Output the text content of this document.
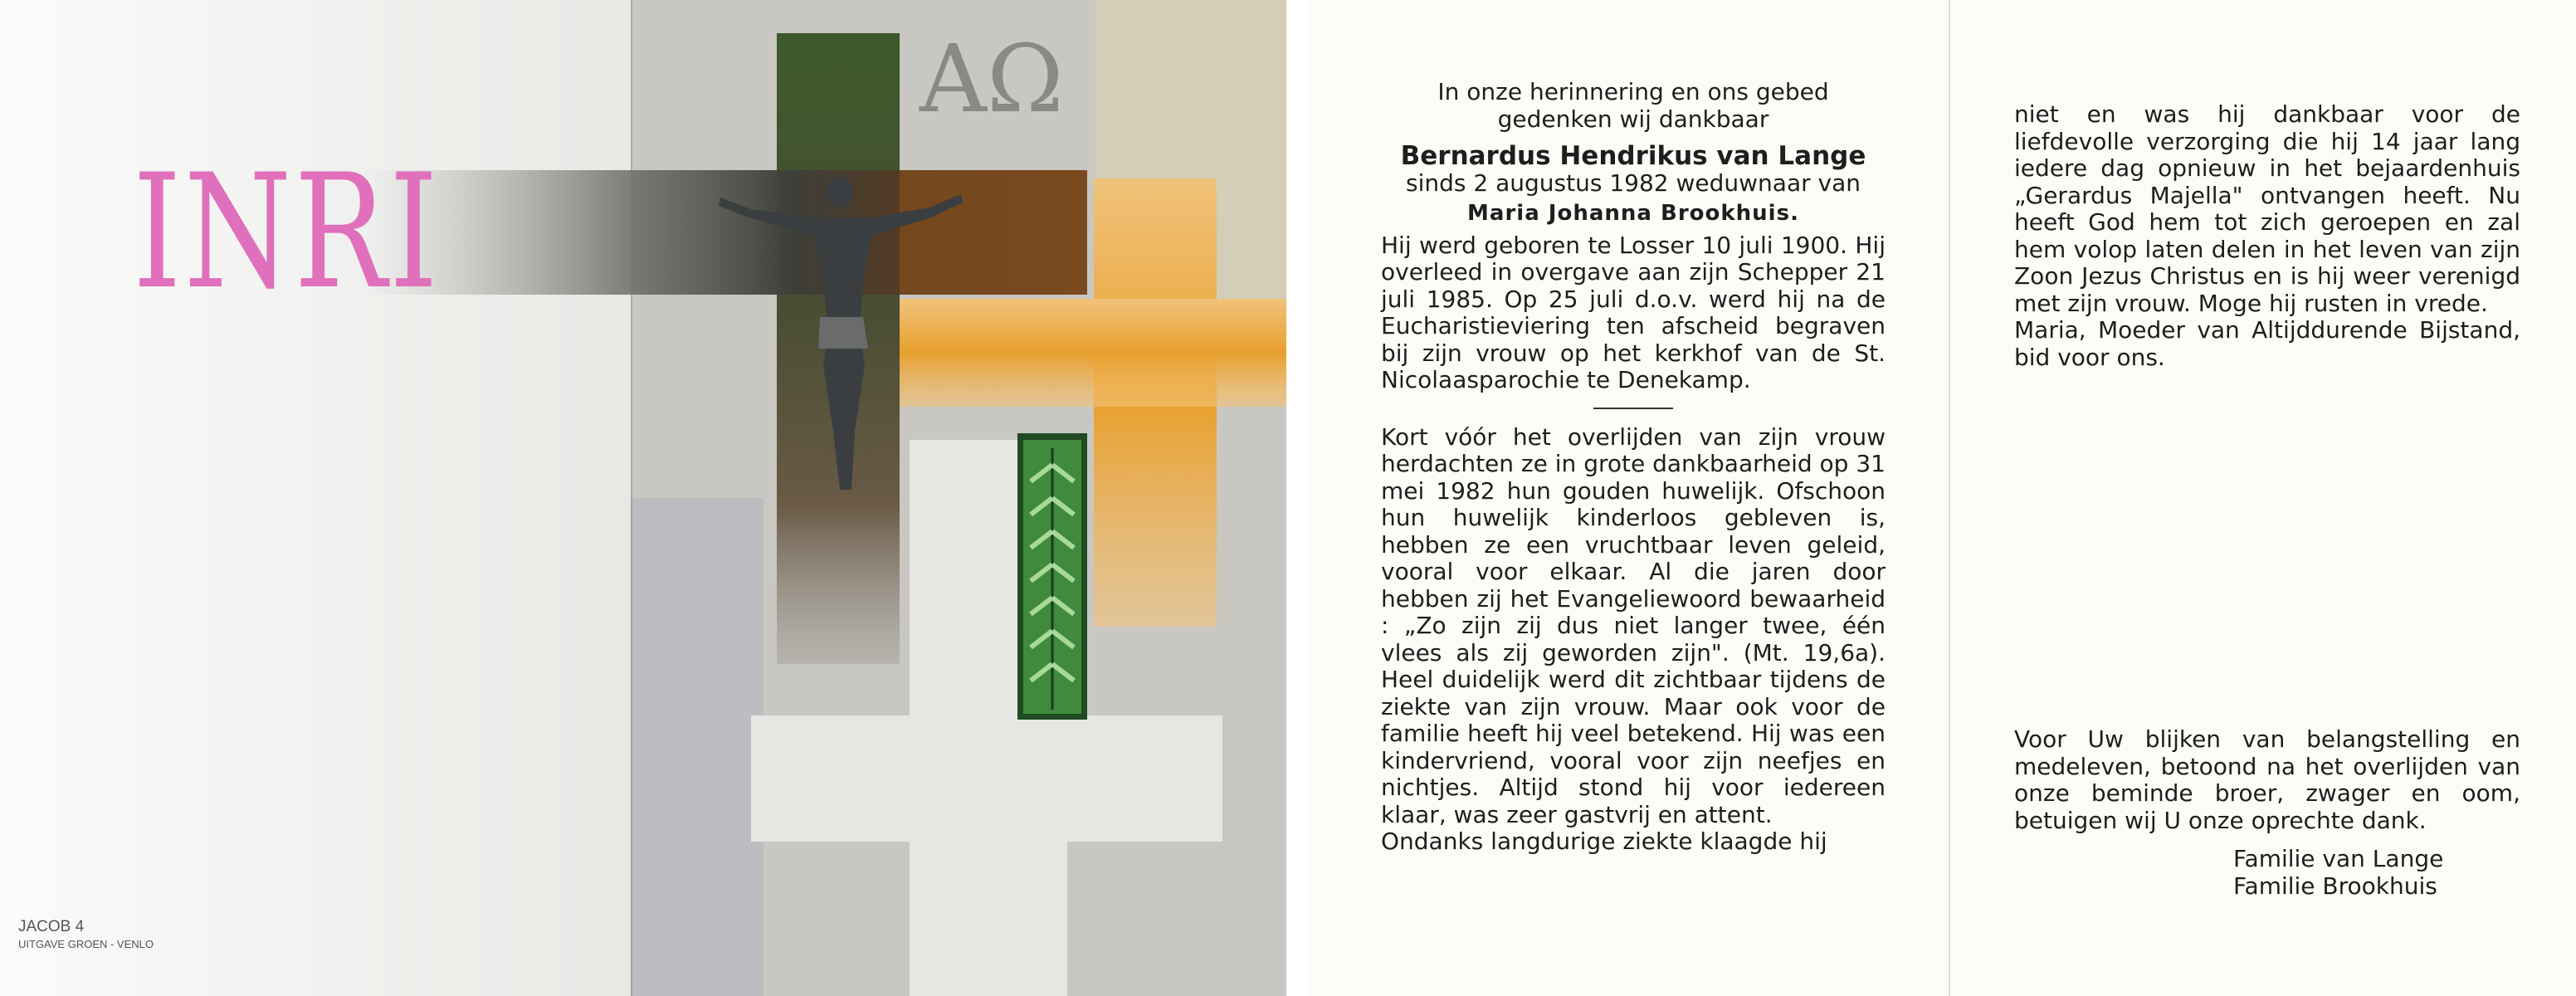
INRI
AΩ
JACOB 4
UITGAVE GROEN - VENLO

In onze herinnering en ons gebed

gedenken wij dankbaar

Bernardus Hendrikus van Lange

sinds 2 augustus 1982 weduwnaar van

Maria Johanna Brookhuis.

Hij werd geboren te Losser 10 juli 1900. Hij overleed in overgave aan zijn Schepper 21 juli 1985. Op 25 juli d.o.v. werd hij na de Eucharistieviering ten afscheid begraven bij zijn vrouw op het kerkhof van de St. Nicolaasparochie te Denekamp.

Kort vóór het overlijden van zijn vrouw herdachten ze in grote dankbaarheid op 31 mei 1982 hun gouden huwelijk. Ofschoon hun huwelijk kinderloos gebleven is, hebben ze een vruchtbaar leven geleid, vooral voor elkaar. Al die jaren door hebben zij het Evangeliewoord bewaarheid : „Zo zijn zij dus niet langer twee, één vlees als zij geworden zijn". (Mt. 19,6a). Heel duidelijk werd dit zichtbaar tijdens de ziekte van zijn vrouw. Maar ook voor de familie heeft hij veel betekend. Hij was een kindervriend, vooral voor zijn neefjes en nichtjes. Altijd stond hij voor iedereen klaar, was zeer gastvrij en attent.

Ondanks langdurige ziekte klaagde hij

niet en was hij dankbaar voor de liefdevolle verzorging die hij 14 jaar lang iedere dag opnieuw in het bejaardenhuis „Gerardus Majella" ontvangen heeft. Nu heeft God hem tot zich geroepen en zal hem volop laten delen in het leven van zijn Zoon Jezus Christus en is hij weer verenigd met zijn vrouw. Moge hij rusten in vrede.

Maria, Moeder van Altijddurende Bijstand, bid voor ons.

Voor Uw blijken van belangstelling en medeleven, betoond na het overlijden van onze beminde broer, zwager en oom, betuigen wij U onze oprechte dank.

Familie van Lange

Familie Brookhuis
